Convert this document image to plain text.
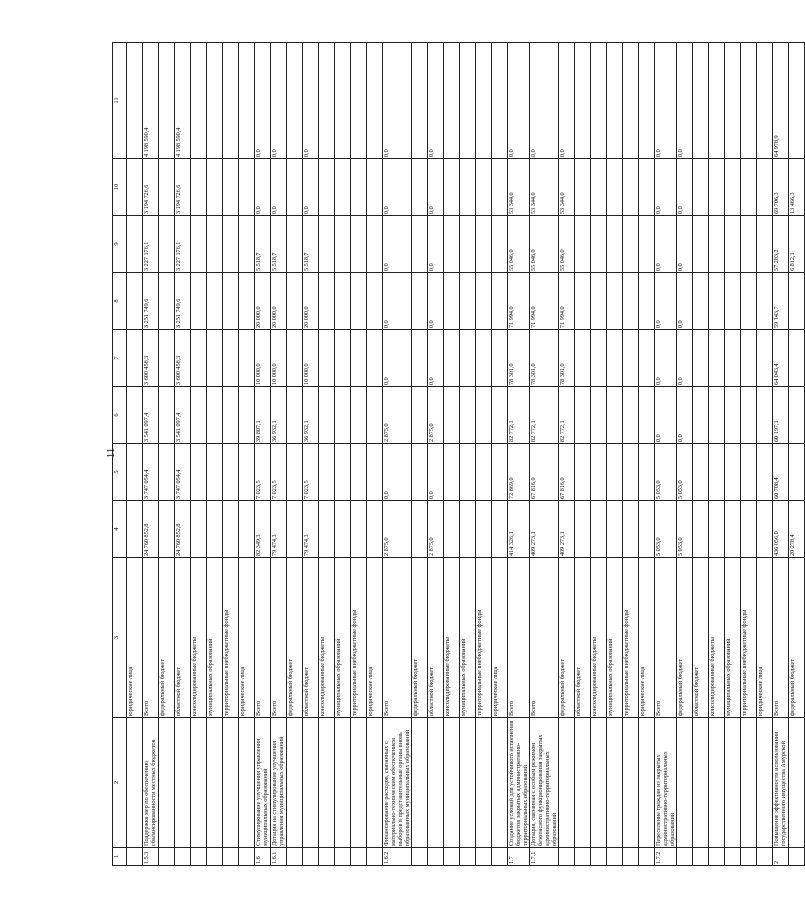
11
1	2	3	4	5	6	7	8	9	10	11
		юридические лица								
1.5.3	Поддержка мер по обеспечению сбалансированности местных бюджетов	Всего	24 760 852,8	3 747 054,4	3 541 097,4	3 600 458,3	3 251 749,6	3 227 176,1	3 194 726,6	4 198 590,4
		федеральный бюджет								
		областной бюджет	24 760 852,8	3 747 054,4	3 541 097,4	3 600 458,3	3 251 749,6	3 227 176,1	3 194 726,6	4 198 590,4
		консолидированные бюджеты								
		муниципальных образований								
		территориальные внебюджетные фонды								
		юридические лица								
1.6	Стимулирование улучшения управления муниципальных образований	Всего	82 349,3	7 023,5	39 807,1	10 000,0	20 000,0	5 518,7	0,0	0,0
1.6.1	Дотация на стимулирование улучшения управления муниципальных образований	Всего	79 474,3	7 023,5	36 932,1	10 000,0	20 000,0	5 518,7	0,0	0,0
		федеральный бюджет								
		областной бюджет	79 474,3	7 023,5	36 932,1	10 000,0	20 000,0	5 518,7	0,0	0,0
		консолидированные бюджеты								
		муниципальных образований								
		территориальные внебюджетные фонды								
		юридические лица								
1.6.2	Финансирование расходов, связанных с материально-техническим обеспечением выборов в представительные органы вновь образованных муниципальных образований	Всего	2 875,0	0,0	2 875,0	0,0	0,0	0,0	0,0	0,0
		федеральный бюджет								
		областной бюджет	2 875,0	0,0	2 875,0	0,0	0,0	0,0	0,0	0,0
		консолидированные бюджеты								
		муниципальных образований								
		территориальные внебюджетные фонды								
		юридические лица								
1.7	Создание условий для устойчивого исполнения бюджетов закрытых административно-территориальных образований	Всего	414 326,1	72 869,0	82 772,1	78 301,0	71 994,0	55 046,0	53 344,0	0,0
1.7.1	Дотация, связанная с особым режимом безопасного функционирования закрытых административно-территориальных образований	Всего	409 273,1	67 816,0	82 772,1	78 301,0	71 994,0	55 046,0	53 344,0	0,0
		федеральный бюджет	409 273,1	67 816,0	82 772,1	78 301,0	71 994,0	55 046,0	53 344,0	0,0
		областной бюджет								
		консолидированные бюджеты								
		муниципальных образований								
		территориальные внебюджетные фонды								
		юридические лица								
1.7.2	Переселение граждан из закрытых административно-территориальных образований	Всего	5 053,0	5 053,0	0,0	0,0	0,0	0,0	0,0	0,0
		федеральный бюджет	5 053,0	5 053,0	0,0	0,0	0,0	0,0	0,0	0,0
		областной бюджет								
		консолидированные бюджеты								
		муниципальных образований								
		территориальные внебюджетные фонды								
		юридические лица								
2	Повышение эффективности использования государственного имущества Амурской	Всего	436 056,0	60 708,4	60 197,1	64 043,4	59 143,7	57 283,2	69 706,3	64 978,9
		федеральный бюджет	20 278,4					6 812,1	13 466,3	
